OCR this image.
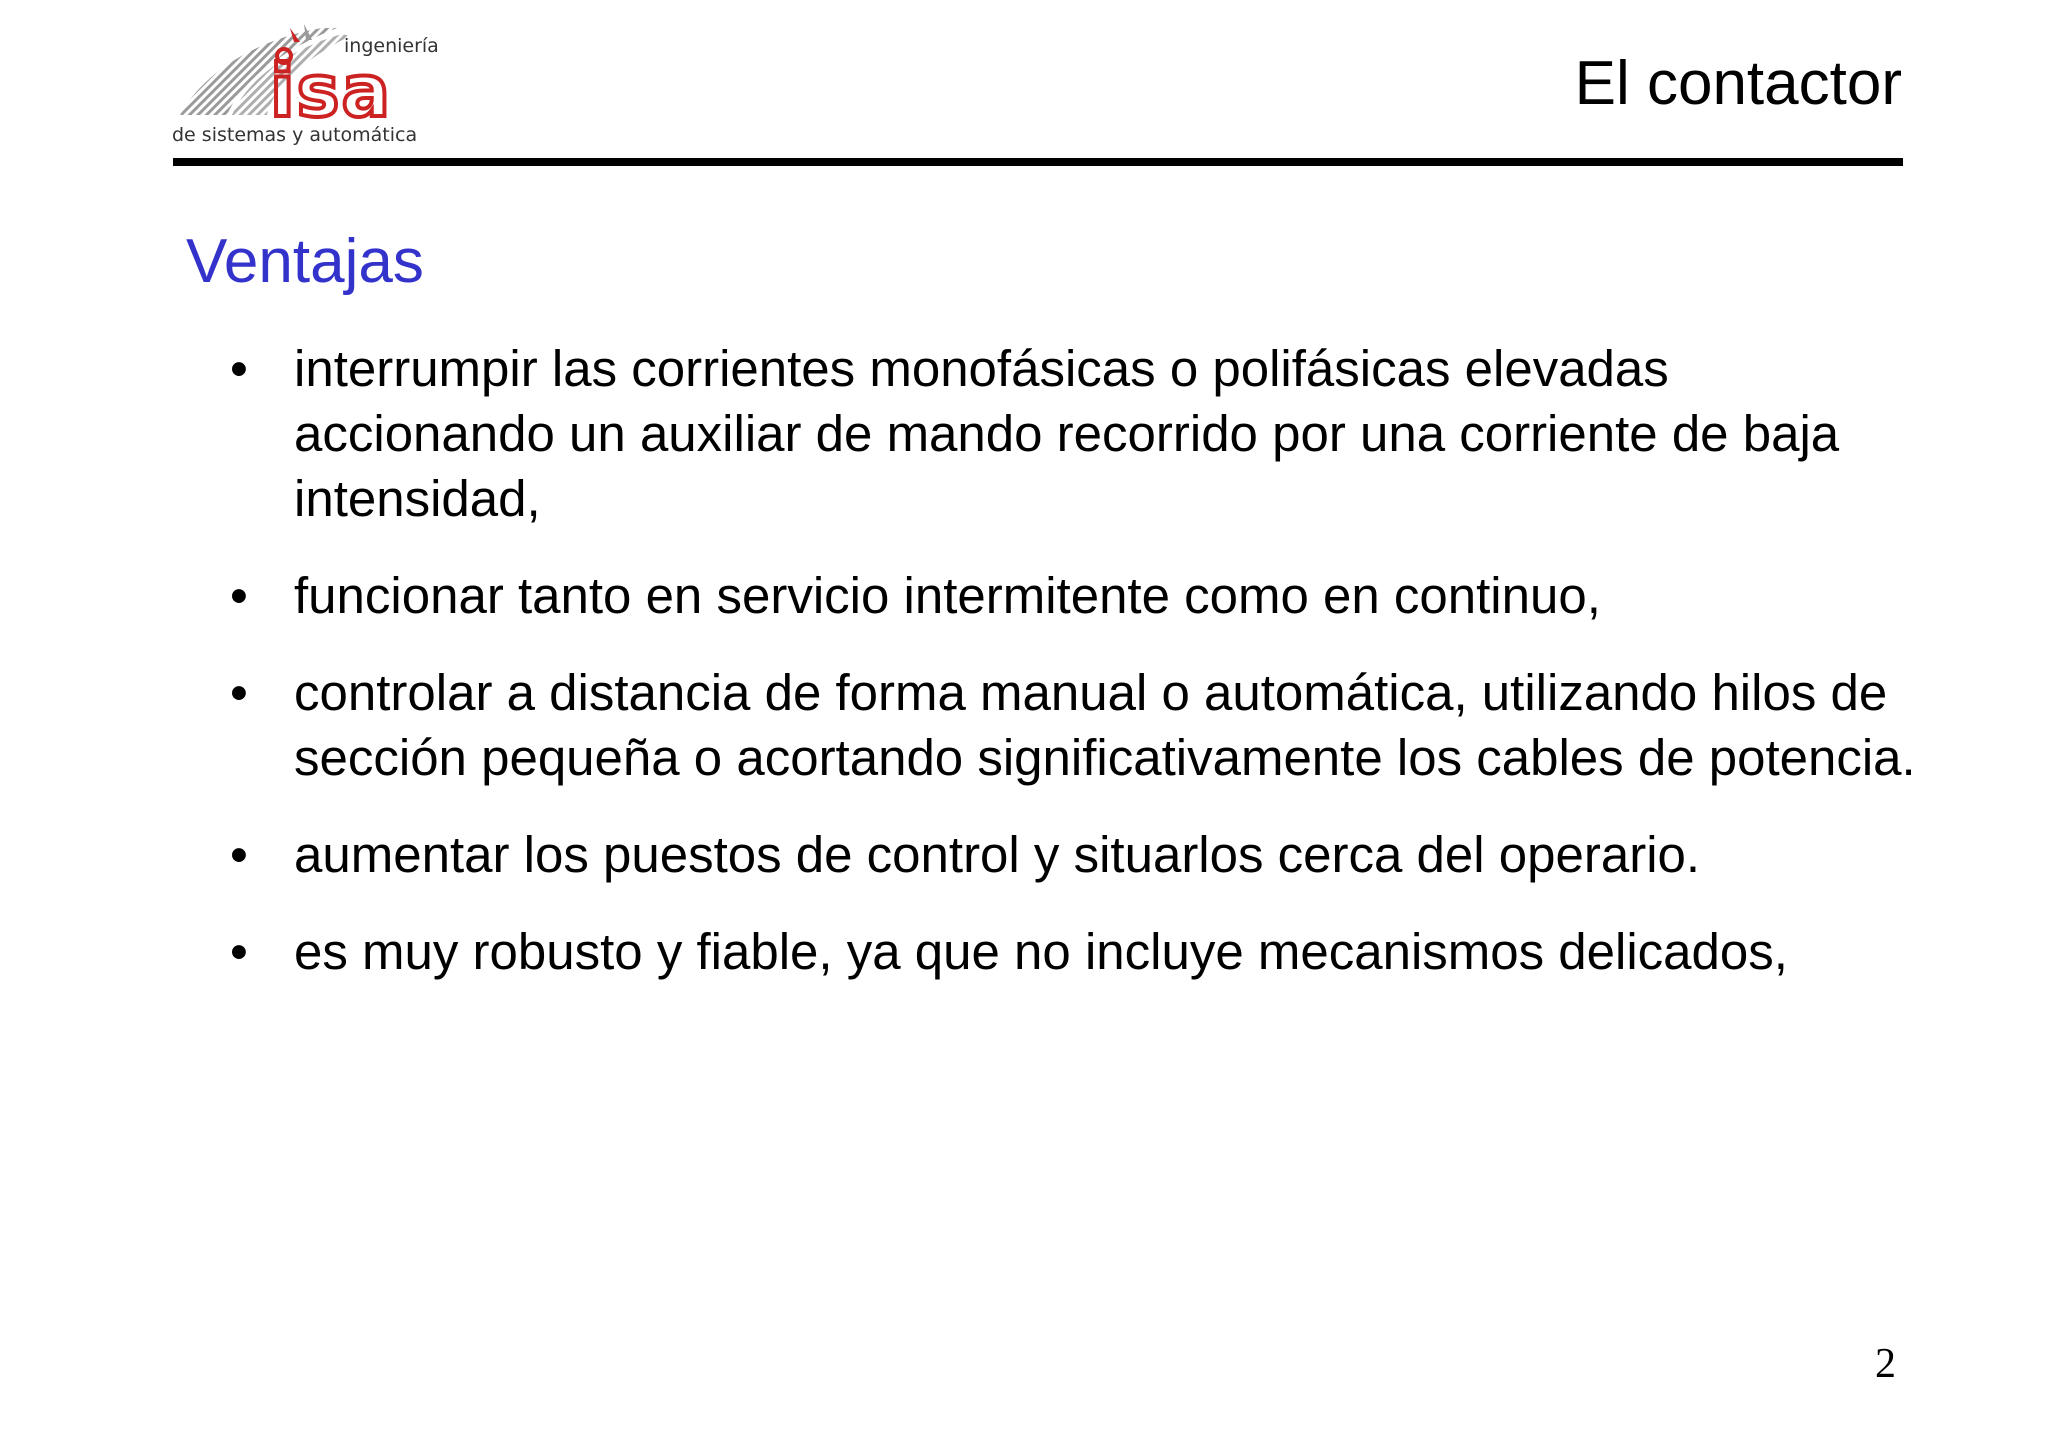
isa
ingeniería
de sistemas y automática
El contactor
Ventajas
• interrumpir las corrientes monofásicas o polifásicas elevadas accionando un auxiliar de mando recorrido por una corriente de baja intensidad,
• funcionar tanto en servicio intermitente como en continuo,
• controlar a distancia de forma manual o automática, utilizando hilos de sección pequeña o acortando significativamente los cables de potencia.
• aumentar los puestos de control y situarlos cerca del operario.
• es muy robusto y fiable, ya que no incluye mecanismos delicados,
2
